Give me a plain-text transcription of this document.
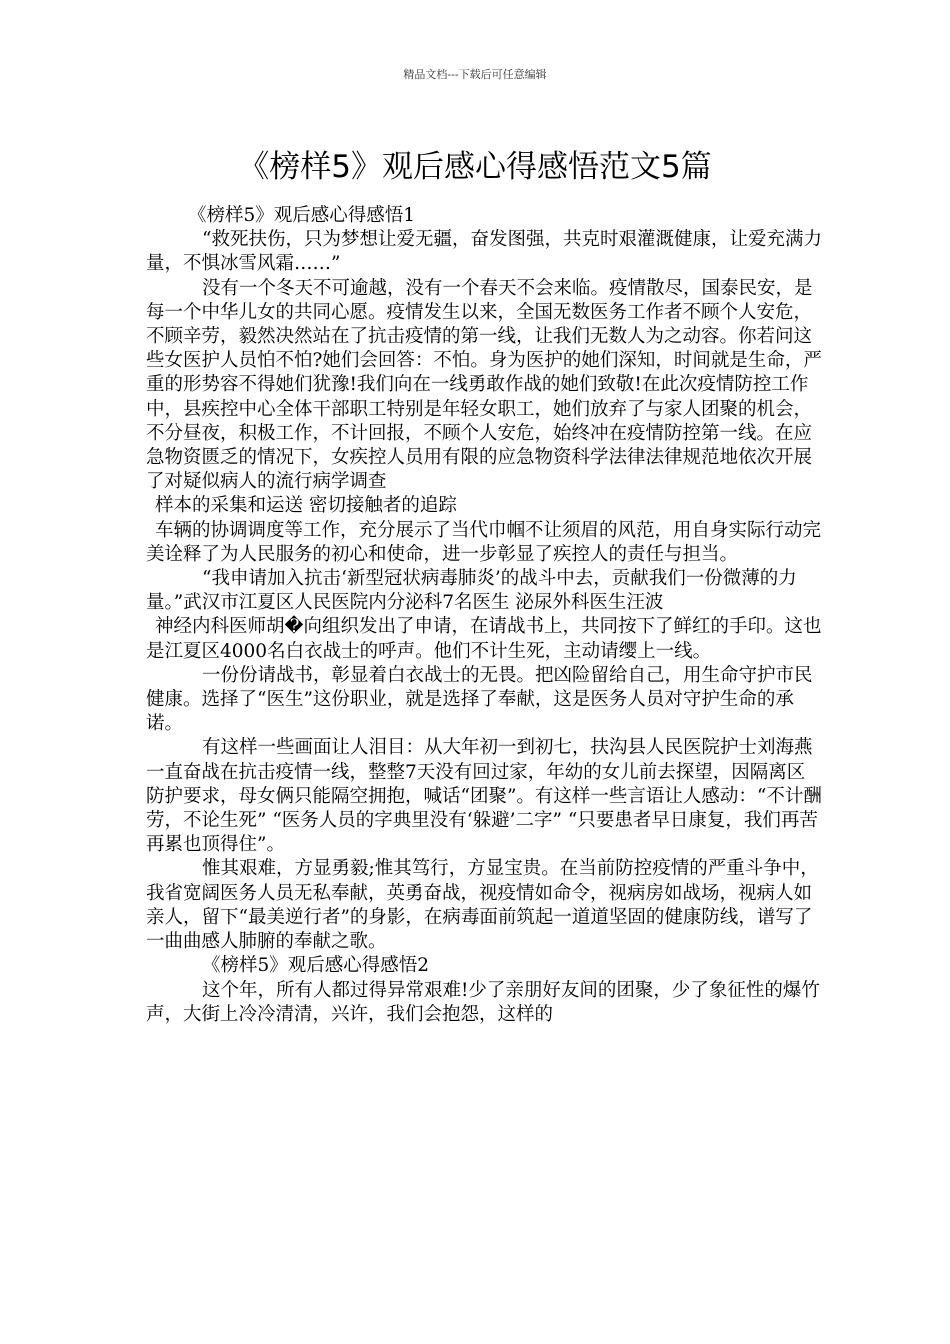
精品文档---下载后可任意编辑
《榜样5》观后感心得感悟范文5篇

《榜样5》观后感心得感悟1

“救死扶伤，只为梦想让爱无疆，奋发图强，共克时艰灌溉健康，让爱充满力量，不惧冰雪风霜……”

没有一个冬天不可逾越，没有一个春天不会来临。疫情散尽，国泰民安，是每一个中华儿女的共同心愿。疫情发生以来，全国无数医务工作者不顾个人安危，不顾辛劳，毅然决然站在了抗击疫情的第一线，让我们无数人为之动容。你若问这些女医护人员怕不怕?她们会回答：不怕。身为医护的她们深知，时间就是生命，严重的形势容不得她们犹豫!我们向在一线勇敢作战的她们致敬!在此次疫情防控工作中，县疾控中心全体干部职工特别是年轻女职工，她们放弃了与家人团聚的机会，不分昼夜，积极工作，不计回报，不顾个人安危，始终冲在疫情防控第一线。在应急物资匮乏的情况下，女疾控人员用有限的应急物资科学法律法律规范地依次开展了对疑似病人的流行病学调查

样本的采集和运送 密切接触者的追踪

车辆的协调调度等工作，充分展示了当代巾帼不让须眉的风范，用自身实际行动完美诠释了为人民服务的初心和使命，进一步彰显了疾控人的责任与担当。

“我申请加入抗击‘新型冠状病毒肺炎’的战斗中去，贡献我们一份微薄的力量。”武汉市江夏区人民医院内分泌科7名医生 泌尿外科医生汪波

神经内科医师胡�向组织发出了申请，在请战书上，共同按下了鲜红的手印。这也是江夏区4000名白衣战士的呼声。他们不计生死，主动请缨上一线。

一份份请战书，彰显着白衣战士的无畏。把凶险留给自己，用生命守护市民健康。选择了“医生”这份职业，就是选择了奉献，这是医务人员对守护生命的承诺。

有这样一些画面让人泪目：从大年初一到初七，扶沟县人民医院护士刘海燕一直奋战在抗击疫情一线，整整7天没有回过家，年幼的女儿前去探望，因隔离区防护要求，母女俩只能隔空拥抱，喊话“团聚”。有这样一些言语让人感动：“不计酬劳，不论生死” “医务人员的字典里没有‘躲避’二字” “只要患者早日康复，我们再苦再累也顶得住”。

惟其艰难，方显勇毅;惟其笃行，方显宝贵。在当前防控疫情的严重斗争中，我省宽阔医务人员无私奉献，英勇奋战，视疫情如命令，视病房如战场，视病人如亲人，留下“最美逆行者”的身影，在病毒面前筑起一道道坚固的健康防线，谱写了一曲曲感人肺腑的奉献之歌。

《榜样5》观后感心得感悟2

这个年，所有人都过得异常艰难!少了亲朋好友间的团聚，少了象征性的爆竹声，大街上冷冷清清，兴许，我们会抱怨，这样的
